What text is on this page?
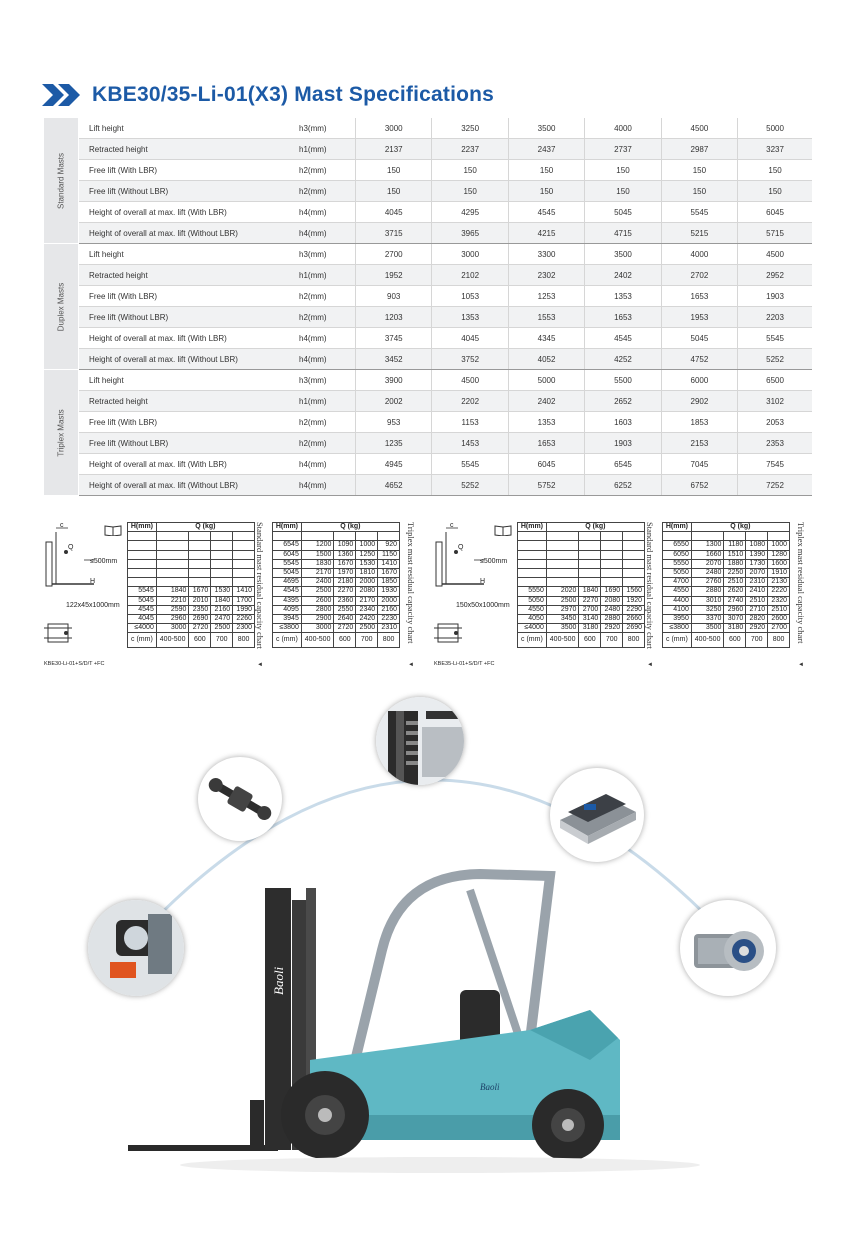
KBE30/35-Li-01(X3) Mast Specifications
Standard Masts	Lift height	h3(mm)	3000	3250	3500	4000	4500	5000
	Retracted height	h1(mm)	2137	2237	2437	2737	2987	3237
	Free lift (With LBR)	h2(mm)	150	150	150	150	150	150
	Free lift (Without LBR)	h2(mm)	150	150	150	150	150	150
	Height of overall at max. lift (With LBR)	h4(mm)	4045	4295	4545	5045	5545	6045
	Height of overall at max. lift (Without LBR)	h4(mm)	3715	3965	4215	4715	5215	5715

Duplex Masts	Lift height	h3(mm)	2700	3000	3300	3500	4000	4500
	Retracted height	h1(mm)	1952	2102	2302	2402	2702	2952
	Free lift (With LBR)	h2(mm)	903	1053	1253	1353	1653	1903
	Free lift (Without LBR)	h2(mm)	1203	1353	1553	1653	1953	2203
	Height of overall at max. lift (With LBR)	h4(mm)	3745	4045	4345	4545	5045	5545
	Height of overall at max. lift (Without LBR)	h4(mm)	3452	3752	4052	4252	4752	5252

Triplex Masts	Lift height	h3(mm)	3900	4500	5000	5500	6000	6500
	Retracted height	h1(mm)	2002	2202	2402	2652	2902	3102
	Free lift (With LBR)	h2(mm)	953	1153	1353	1603	1853	2053
	Free lift (Without LBR)	h2(mm)	1235	1453	1653	1903	2153	2353
	Height of overall at max. lift (With LBR)	h4(mm)	4945	5545	6045	6545	7045	7545
	Height of overall at max. lift (Without LBR)	h4(mm)	4652	5252	5752	6252	6752	7252
c
Q
H
≤500mm
122x45x1000mm
KBE30-Li-01+S/D/T +FC
H(mm)	Q (kg)			

5545	1840	1670	1530	1410
5045	2210	2010	1840	1700
4545	2590	2350	2160	1990
4045	2960	2690	2470	2260
≤4000	3000	2720	2500	2300
c (mm)	400-500	600	700	800 Standard mast residual capacity chart
◄
H(mm)	Q (kg)			

6545	1200	1090	1000	920
6045	1500	1360	1250	1150
5545	1830	1670	1530	1410
5045	2170	1970	1810	1670
4695	2400	2180	2000	1850
4545	2500	2270	2080	1930
4395	2600	2360	2170	2000
4095	2800	2550	2340	2160
3945	2900	2640	2420	2230
≤3800	3000	2720	2500	2310
c (mm)	400-500	600	700	800 Triplex mast residual capacity chart
◄
c
Q
H
≤500mm
150x50x1000mm
KBE35-Li-01+S/D/T +FC
H(mm)	Q (kg)			

5550	2020	1840	1690	1560
5050	2500	2270	2080	1920
4550	2970	2700	2480	2290
4050	3450	3140	2880	2660
≤4000	3500	3180	2920	2690
c (mm)	400-500	600	700	800 Standard mast residual capacity chart
◄
H(mm)	Q (kg)			

6550	1300	1180	1080	1000
6050	1660	1510	1390	1280
5550	2070	1880	1730	1600
5050	2480	2250	2070	1910
4700	2760	2510	2310	2130
4550	2880	2620	2410	2220
4400	3010	2740	2510	2320
4100	3250	2960	2710	2510
3950	3370	3070	2820	2600
≤3800	3500	3180	2920	2700
c (mm)	400-500	600	700	800 Triplex mast residual capacity chart
◄
Baoli
Baoli
